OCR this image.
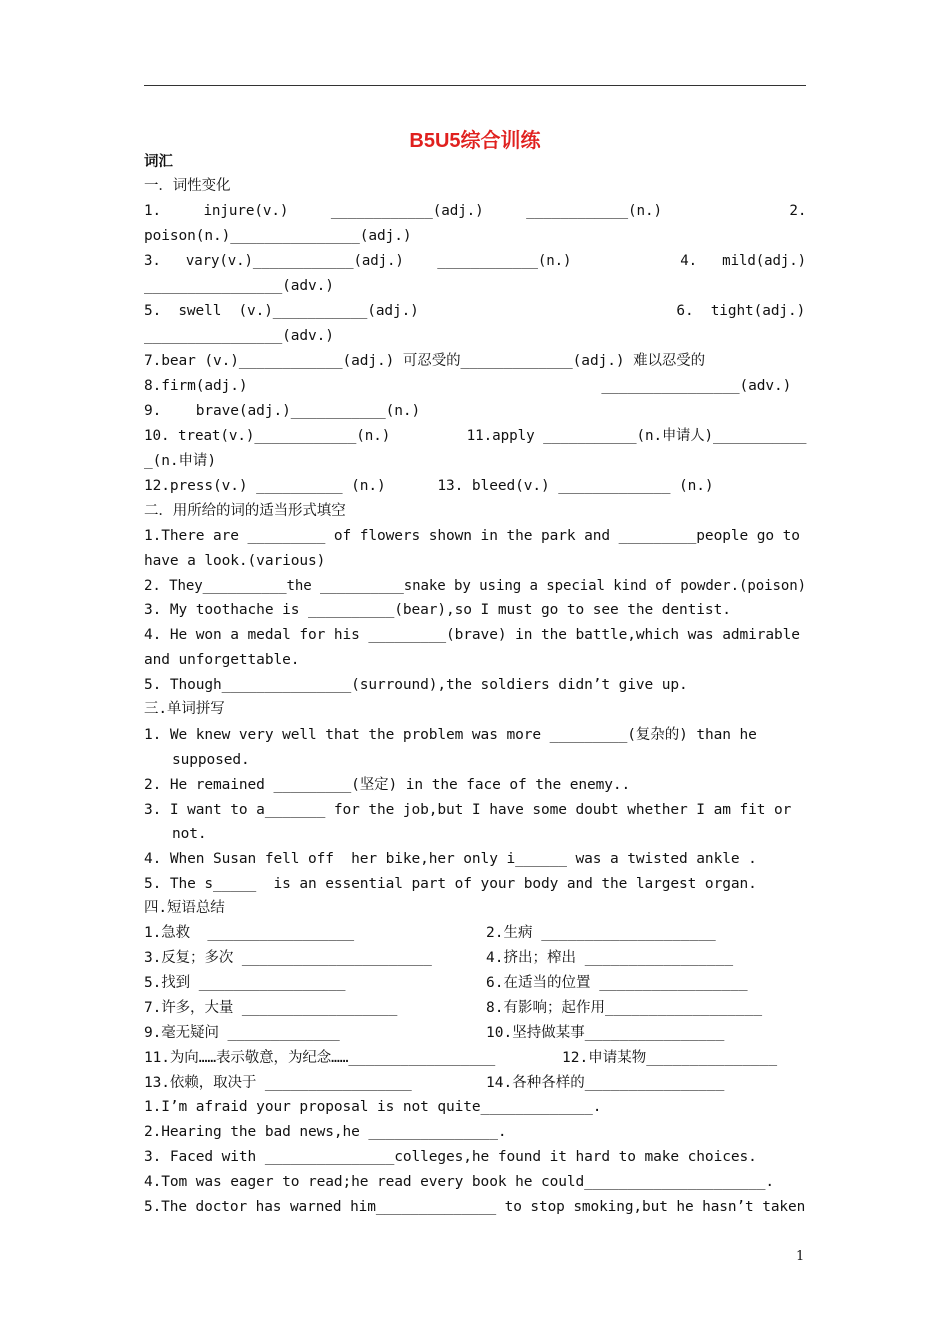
B5U5综合训练
词汇
一．词性变化
1.     injure(v.)     ____________(adj.)     ____________(n.)               2.
poison(n.)_______________(adj.)
3.   vary(v.)____________(adj.)    ____________(n.)             4.   mild(adj.)
________________(adv.)
5.  swell  (v.)___________(adj.)                              6.  tight(adj.)
________________(adv.)
7.bear (v.)____________(adj.) 可忍受的_____________(adj.) 难以忍受的
8.firm(adj.)                                         ________________(adv.)
9.    brave(adj.)___________(n.)
10. treat(v.)____________(n.)         11.apply ___________(n.申请人)___________
_(n.申请)
12.press(v.) __________ (n.)      13. bleed(v.) _____________ (n.)
二．用所给的词的适当形式填空
1.There are _________ of flowers shown in the park and _________people go to
have a look.(various)
2. They__________the __________snake by using a special kind of powder.(poison)
3. My toothache is __________(bear),so I must go to see the dentist.
4. He won a medal for his _________(brave) in the battle,which was admirable
and unforgettable.
5. Though_______________(surround),the soldiers didn’t give up.
三.单词拼写
1. We knew very well that the problem was more _________(复杂的) than he
supposed.
2. He remained _________(坚定) in the face of the enemy..
3. I want to a_______ for the job,but I have some doubt whether I am fit or
not.
4. When Susan fell off  her bike,her only i______ was a twisted ankle .
5. The s_____  is an essential part of your body and the largest organ.
四.短语总结
1.急救  _________________	2.生病 ____________________
3.反复；多次 ______________________	4.挤出；榨出 _________________
5.找到 _________________	6.在适当的位置 _________________
7.许多，大量 __________________	8.有影响；起作用__________________
9.毫无疑问 _____________	10.坚持做某事________________
11.为向……表示敬意，为纪念……_________________	12.申请某物_______________
13.依赖，取决于 _________________	14.各种各样的________________
1.I’m afraid your proposal is not quite_____________.
2.Hearing the bad news,he _______________.
3. Faced with _______________colleges,he found it hard to make choices.
4.Tom was eager to read;he read every book he could_____________________.
5.The doctor has warned him______________ to stop smoking,but he hasn’t taken
1
